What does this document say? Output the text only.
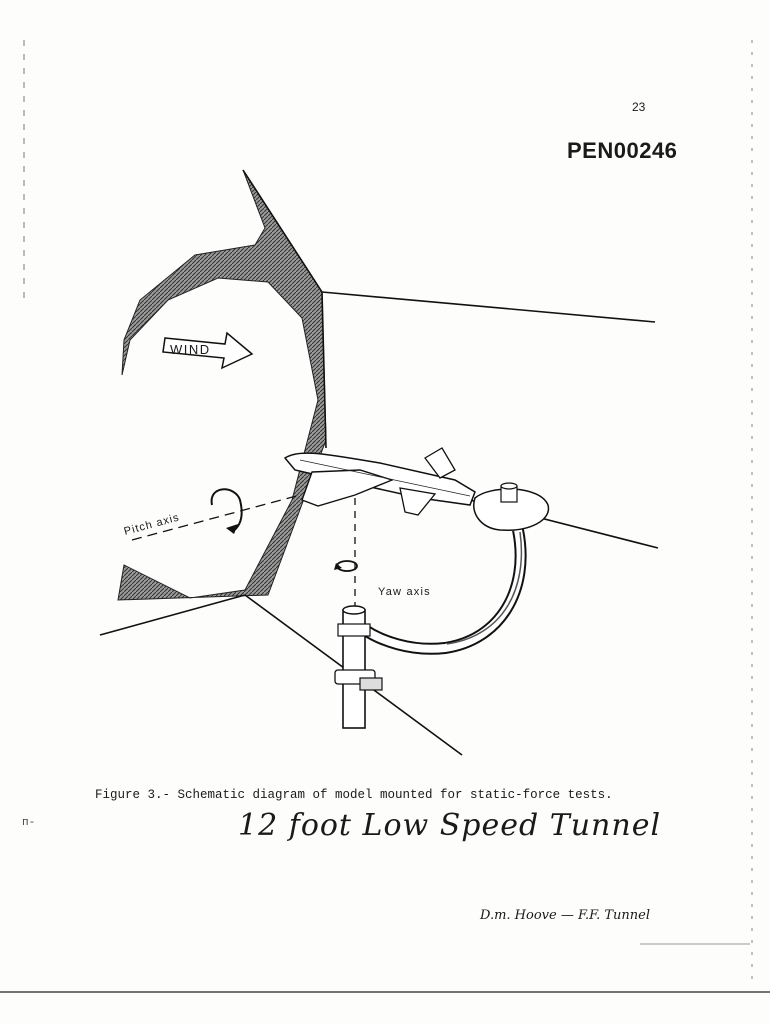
WIND
Pitch axis
Yaw axis
23
PEN00246
Figure 3.- Schematic diagram of model mounted for static-force tests.
12 foot Low Speed Tunnel
D.m. Hoove — F.F. Tunnel
п-
